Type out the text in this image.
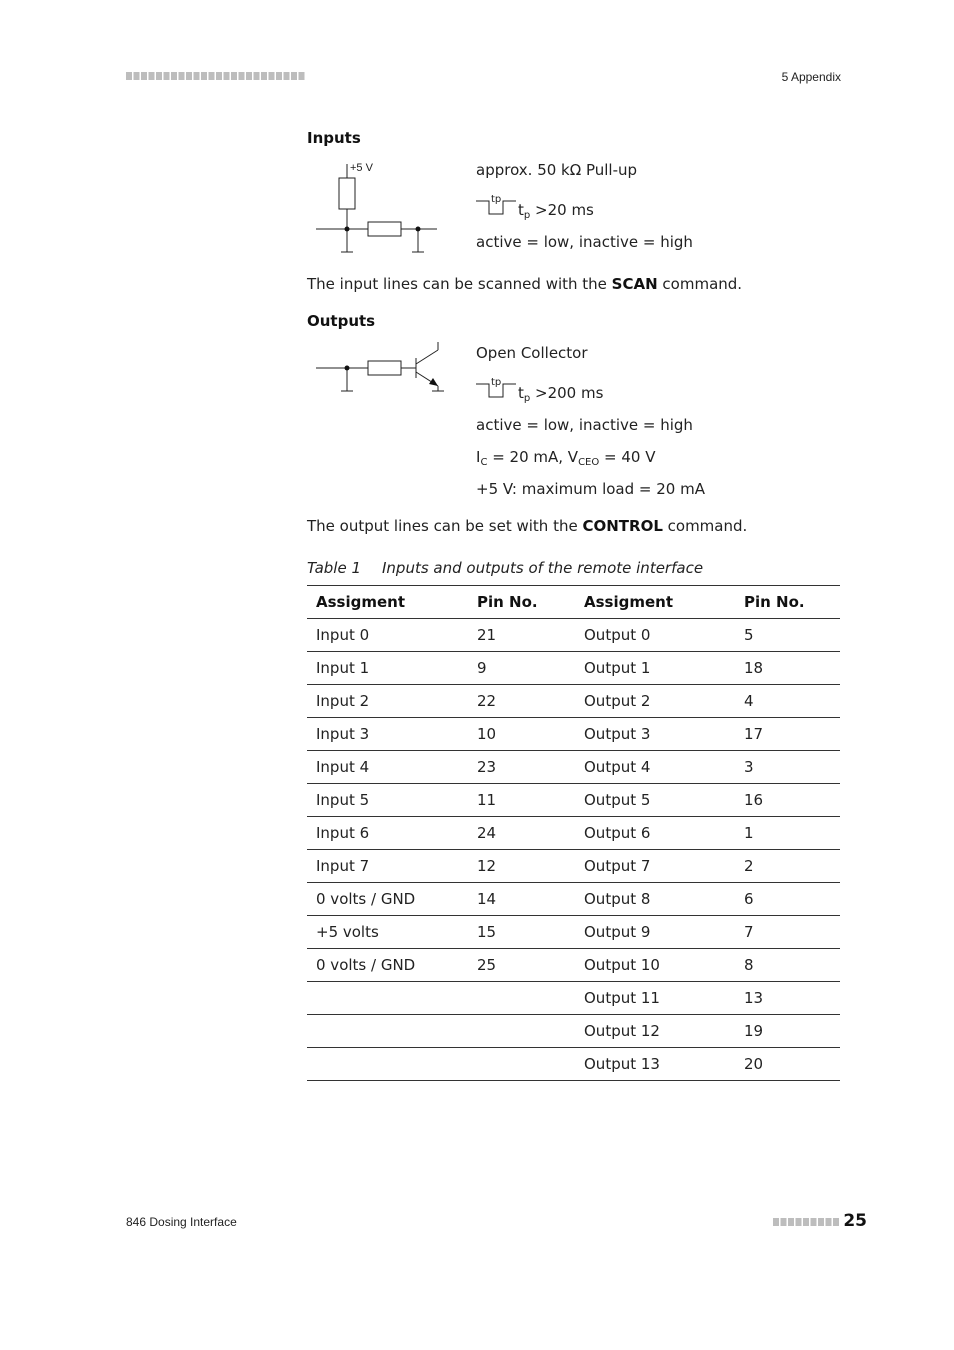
5 Appendix
Inputs
+5 V	approx. 50 kΩ Pull-up
tp
$t_p >20$ ms
active = low, inactive = high
The input lines can be scanned with the SCAN command.
Outputs
Open Collector
tp
$t_p >200$ ms
active = low, inactive = high
$I_C = 20$ mA, $V_{CEO} = 40$ V
+5 V: maximum load = 20 mA
The output lines can be set with the CONTROL command.
Table 1 Inputs and outputs of the remote interface
Assigment	Pin No.	Assigment	Pin No.
Input 0	21	Output 0	5
Input 1	9	Output 1	18
Input 2	22	Output 2	4
Input 3	10	Output 3	17
Input 4	23	Output 4	3
Input 5	11	Output 5	16
Input 6	24	Output 6	1
Input 7	12	Output 7	2
0 volts / GND	14	Output 8	6
+5 volts	15	Output 9	7
0 volts / GND	25	Output 10	8
		Output 11	13
		Output 12	19
		Output 13	20
846 Dosing Interface	25
